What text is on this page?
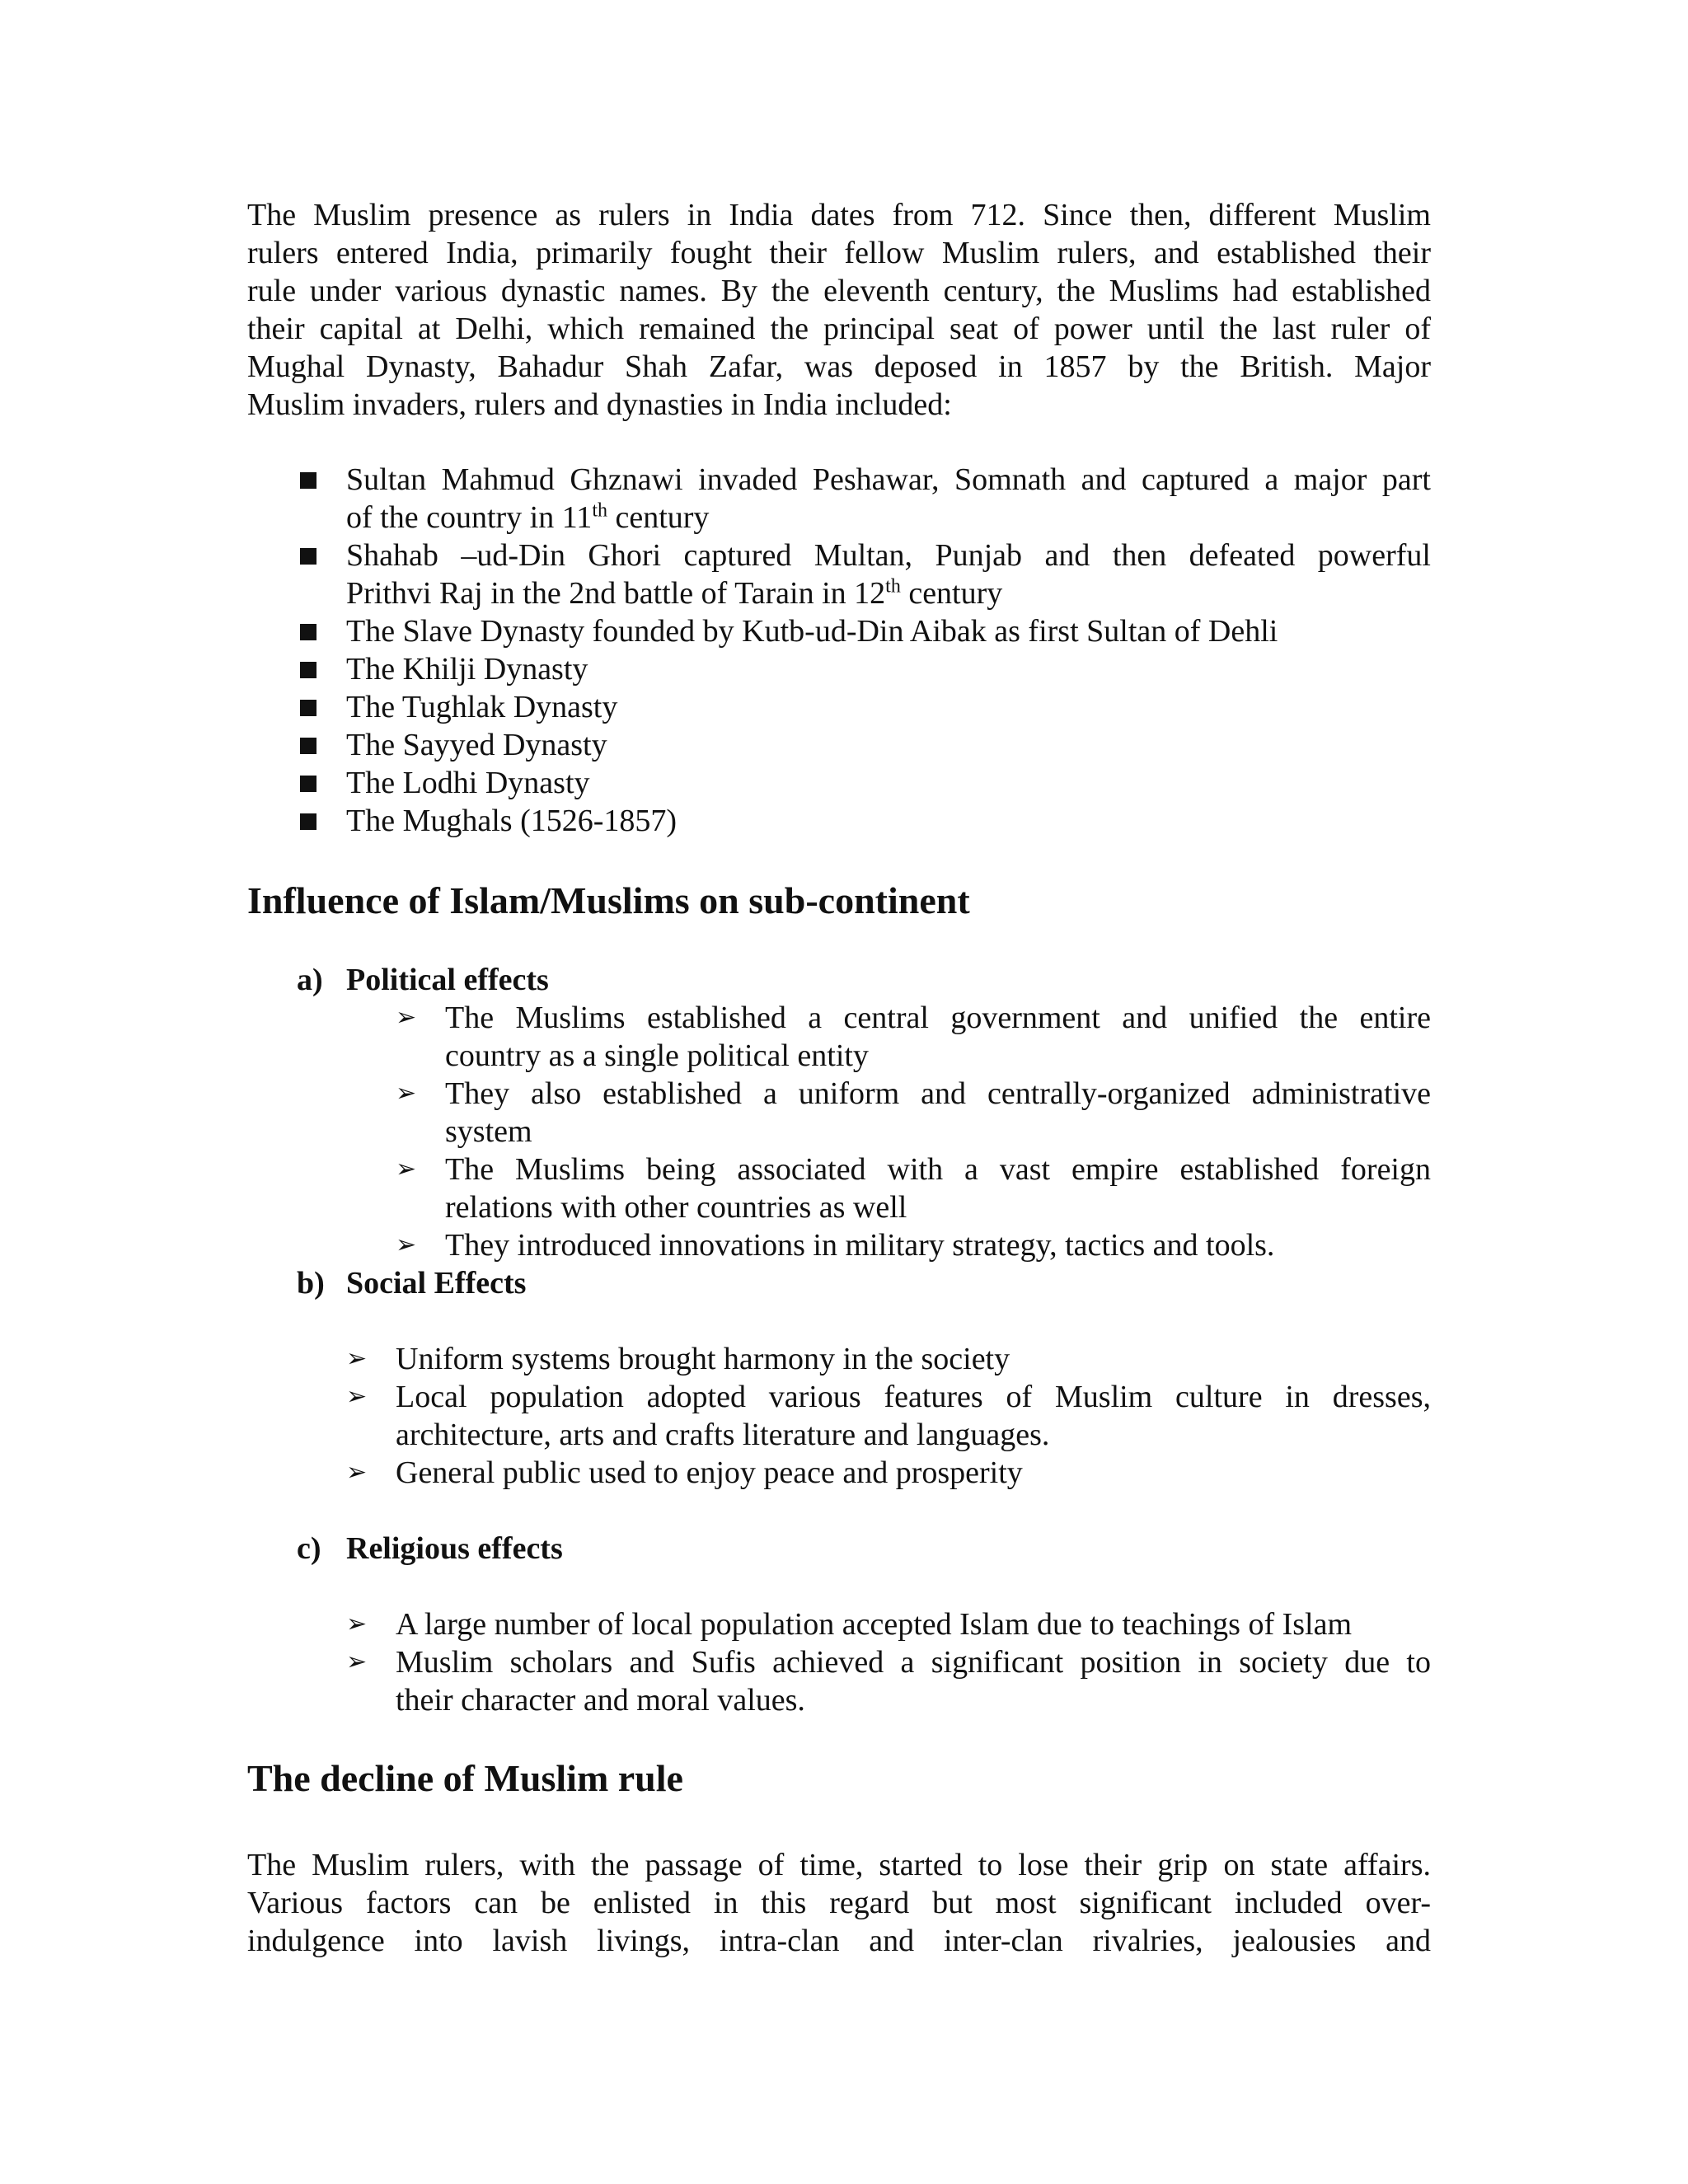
The Muslim presence as rulers in India dates from 712. Since then, different Muslim
rulers entered India, primarily fought their fellow Muslim rulers, and established their
rule under various dynastic names. By the eleventh century, the Muslims had established
their capital at Delhi, which remained the principal seat of power until the last ruler of
Mughal Dynasty, Bahadur Shah Zafar, was deposed in 1857 by the British. Major
Muslim invaders, rulers and dynasties in India included:
Sultan Mahmud Ghznawi invaded Peshawar, Somnath and captured a major part
of the country in 11th century
Shahab –ud-Din Ghori captured Multan, Punjab and then defeated powerful
Prithvi Raj in the 2nd battle of Tarain in 12th century
The Slave Dynasty founded by Kutb-ud-Din Aibak as first Sultan of Dehli
The Khilji Dynasty
The Tughlak Dynasty
The Sayyed Dynasty
The Lodhi Dynasty
The Mughals (1526-1857)
Influence of Islam/Muslims on sub-continent
a) Political effects
➢ The Muslims established a central government and unified the entire
country as a single political entity
➢ They also established a uniform and centrally-organized administrative
system
➢ The Muslims being associated with a vast empire established foreign
relations with other countries as well
➢ They introduced innovations in military strategy, tactics and tools.
b) Social Effects
➢ Uniform systems brought harmony in the society
➢ Local population adopted various features of Muslim culture in dresses,
architecture, arts and crafts literature and languages.
➢ General public used to enjoy peace and prosperity
c) Religious effects
➢ A large number of local population accepted Islam due to teachings of Islam
➢ Muslim scholars and Sufis achieved a significant position in society due to
their character and moral values.
The decline of Muslim rule
The Muslim rulers, with the passage of time, started to lose their grip on state affairs.
Various factors can be enlisted in this regard but most significant included over-
indulgence into lavish livings, intra-clan and inter-clan rivalries, jealousies and
